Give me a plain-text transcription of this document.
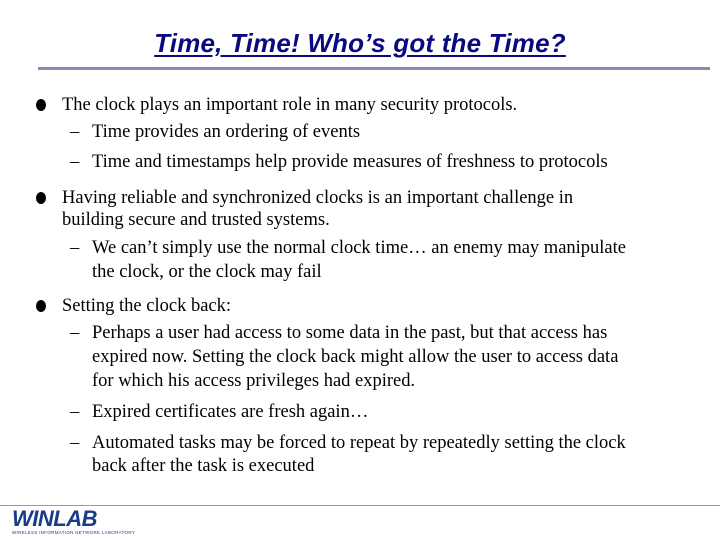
Time, Time! Who’s got the Time?
The clock plays an important role in many security protocols.
– Time provides an ordering of events
– Time and timestamps help provide measures of freshness to protocols
Having reliable and synchronized clocks is an important challenge in
building secure and trusted systems.
– We can’t simply use the normal clock time… an enemy may manipulate
the clock, or the clock may fail
Setting the clock back:
– Perhaps a user had access to some data in the past, but that access has
expired now. Setting the clock back might allow the user to access data
for which his access privileges had expired.
– Expired certificates are fresh again…
– Automated tasks may be forced to repeat by repeatedly setting the clock
back after the task is executed
WINLAB
WIRELESS INFORMATION NETWORK LABORATORY
